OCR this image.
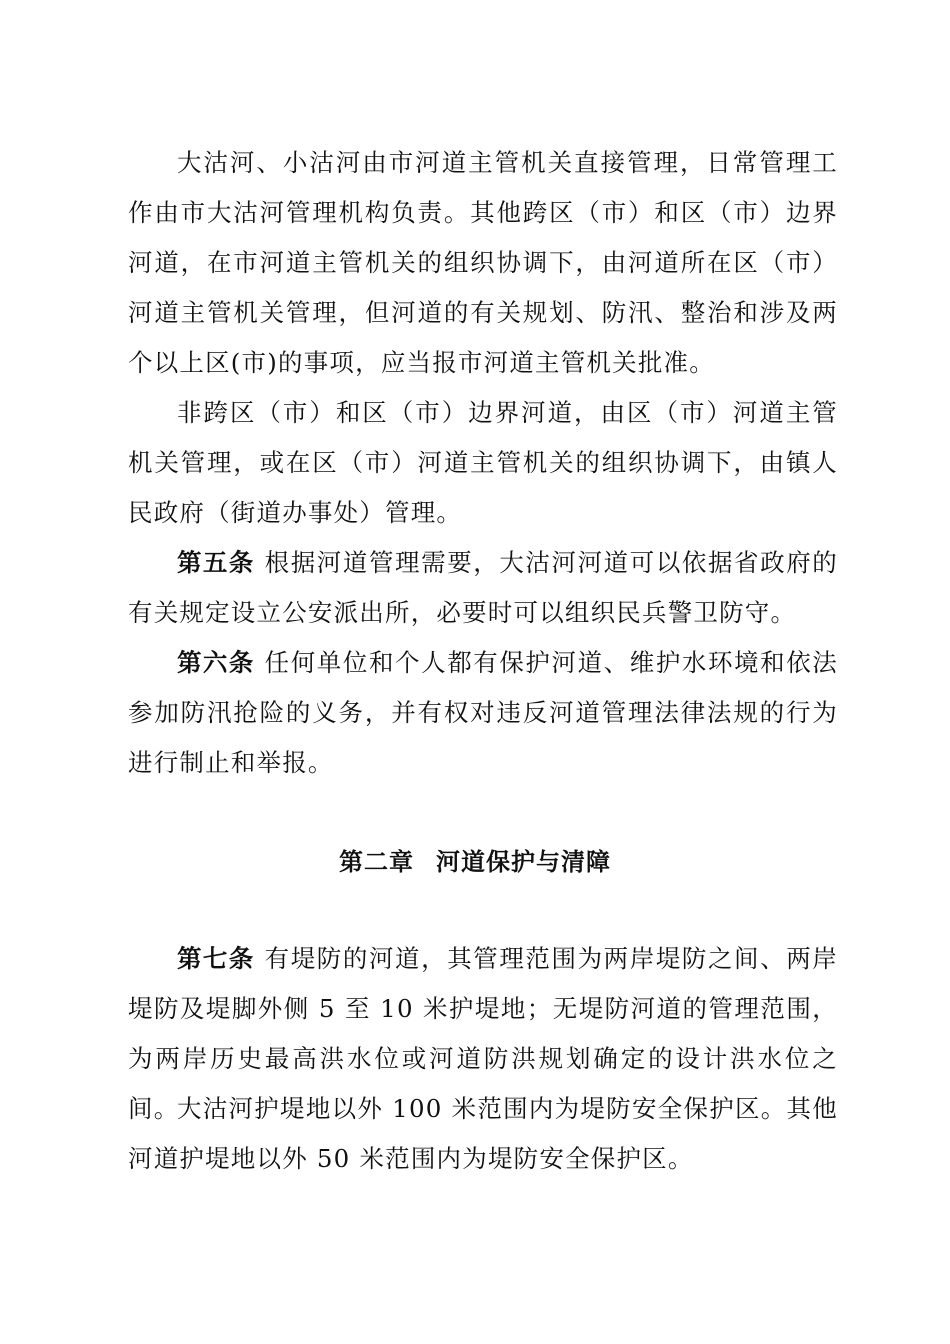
大沽河、小沽河由市河道主管机关直接管理，日常管理工作由市大沽河管理机构负责。其他跨区（市）和区（市）边界河道，在市河道主管机关的组织协调下，由河道所在区（市）河道主管机关管理，但河道的有关规划、防汛、整治和涉及两个以上区(市)的事项，应当报市河道主管机关批准。

非跨区（市）和区（市）边界河道，由区（市）河道主管机关管理，或在区（市）河道主管机关的组织协调下，由镇人民政府（街道办事处）管理。

第五条 根据河道管理需要，大沽河河道可以依据省政府的有关规定设立公安派出所，必要时可以组织民兵警卫防守。

第六条 任何单位和个人都有保护河道、维护水环境和依法参加防汛抢险的义务，并有权对违反河道管理法律法规的行为进行制止和举报。

第二章 河道保护与清障

第七条 有堤防的河道，其管理范围为两岸堤防之间、两岸堤防及堤脚外侧 5 至 10 米护堤地；无堤防河道的管理范围，为两岸历史最高洪水位或河道防洪规划确定的设计洪水位之间。

大沽河护堤地以外 100 米范围内为堤防安全保护区。其他河道护堤地以外 50 米范围内为堤防安全保护区。
